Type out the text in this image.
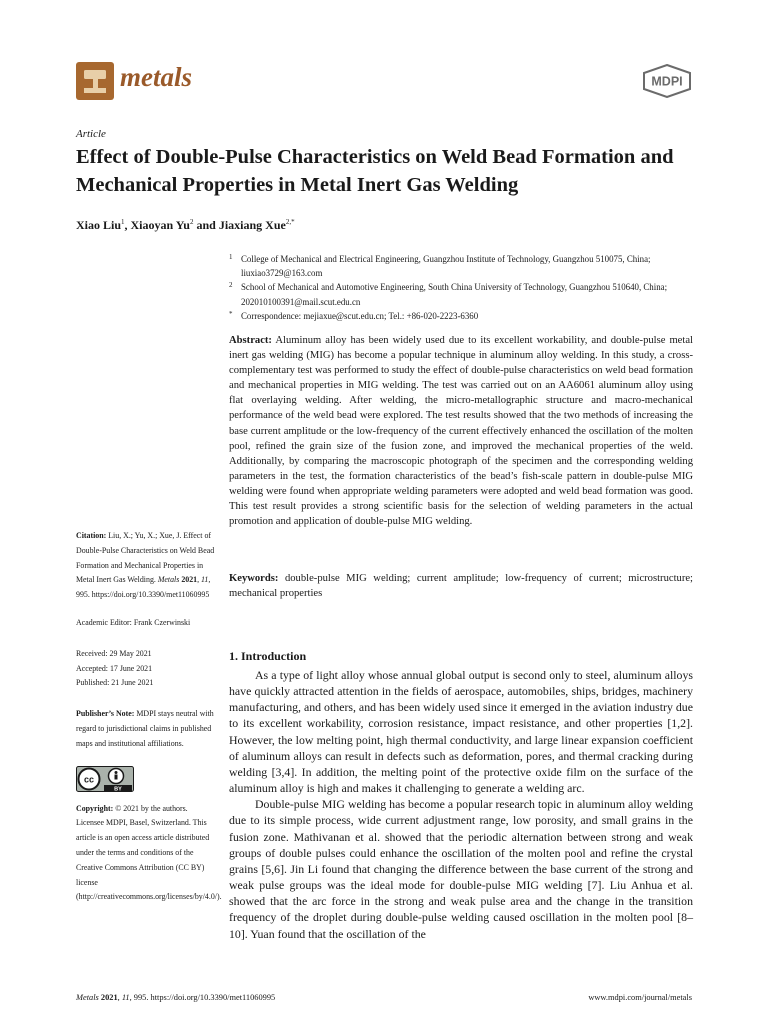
metals	MDPI
Article
Effect of Double-Pulse Characteristics on Weld Bead Formation and Mechanical Properties in Metal Inert Gas Welding
Xiao Liu$^1$, Xiaoyan Yu$^2$ and Jiaxiang Xue$^{2,*}$
1 College of Mechanical and Electrical Engineering, Guangzhou Institute of Technology, Guangzhou 510075, China; liuxiao3729@163.com
2 School of Mechanical and Automotive Engineering, South China University of Technology, Guangzhou 510640, China; 202010100391@mail.scut.edu.cn
* Correspondence: mejiaxue@scut.edu.cn; Tel.: +86-020-2223-6360

Abstract: Aluminum alloy has been widely used due to its excellent workability, and double-pulse metal inert gas welding (MIG) has become a popular technique in aluminum alloy welding. In this study, a cross-complementary test was performed to study the effect of double-pulse characteristics on weld bead formation and mechanical properties in MIG welding. The test was carried out on an AA6061 aluminum alloy using flat overlaying welding. After welding, the micro-metallographic structure and macro-mechanical performance of the weld bead were explored. The test results showed that the two methods of increasing the base current amplitude or the low-frequency of the current effectively enhanced the oscillation of the molten pool, refined the grain size of the fusion zone, and improved the mechanical properties of the weld. Additionally, by comparing the macroscopic photograph of the specimen and the corresponding welding parameters in the test, the formation characteristics of the bead’s fish-scale pattern in double-pulse MIG welding were found when appropriate welding parameters were adopted and weld bead formation was good. This test result provides a strong scientific basis for the selection of welding parameters in the actual promotion and application of double-pulse MIG welding.

Keywords: double-pulse MIG welding; current amplitude; low-frequency of current; microstructure; mechanical properties

Citation: Liu, X.; Yu, X.; Xue, J. Effect of Double-Pulse Characteristics on Weld Bead Formation and Mechanical Properties in Metal Inert Gas Welding. Metals 2021, 11, 995. https://doi.org/10.3390/met11060995

Academic Editor: Frank Czerwinski

Received: 29 May 2021

Accepted: 17 June 2021

Published: 21 June 2021

Publisher’s Note: MDPI stays neutral with regard to jurisdictional claims in published maps and institutional affiliations.

cc
BY

Copyright: © 2021 by the authors. Licensee MDPI, Basel, Switzerland. This article is an open access article distributed under the terms and conditions of the Creative Commons Attribution (CC BY) license (http://creativecommons.org/licenses/by/4.0/).

1. Introduction

As a type of light alloy whose annual global output is second only to steel, aluminum alloys have quickly attracted attention in the fields of aerospace, automobiles, ships, bridges, machinery manufacturing, and others, and has been widely used since it emerged in the aviation industry due to its excellent workability, corrosion resistance, impact resistance, and other properties [1,2]. However, the low melting point, high thermal conductivity, and large linear expansion coefficient of aluminum alloys can result in defects such as deformation, pores, and thermal cracking during welding [3,4]. In addition, the melting point of the protective oxide film on the surface of the aluminum alloy is high and makes it challenging to generate a welding arc.

Double-pulse MIG welding has become a popular research topic in aluminum alloy welding due to its simple process, wide current adjustment range, low porosity, and small grains in the fusion zone. Mathivanan et al. showed that the periodic alternation between strong and weak groups of double pulses could enhance the oscillation of the molten pool and refine the crystal grains [5,6]. Jin Li found that changing the difference between the base current of the strong and weak pulse groups was the ideal mode for double-pulse MIG welding [7]. Liu Anhua et al. showed that the arc force in the strong and weak pulse area and the change in the transition frequency of the droplet during double-pulse welding caused oscillation in the molten pool [8–10]. Yuan found that the oscillation of the

Metals 2021, 11, 995. https://doi.org/10.3390/met11060995	www.mdpi.com/journal/metals
